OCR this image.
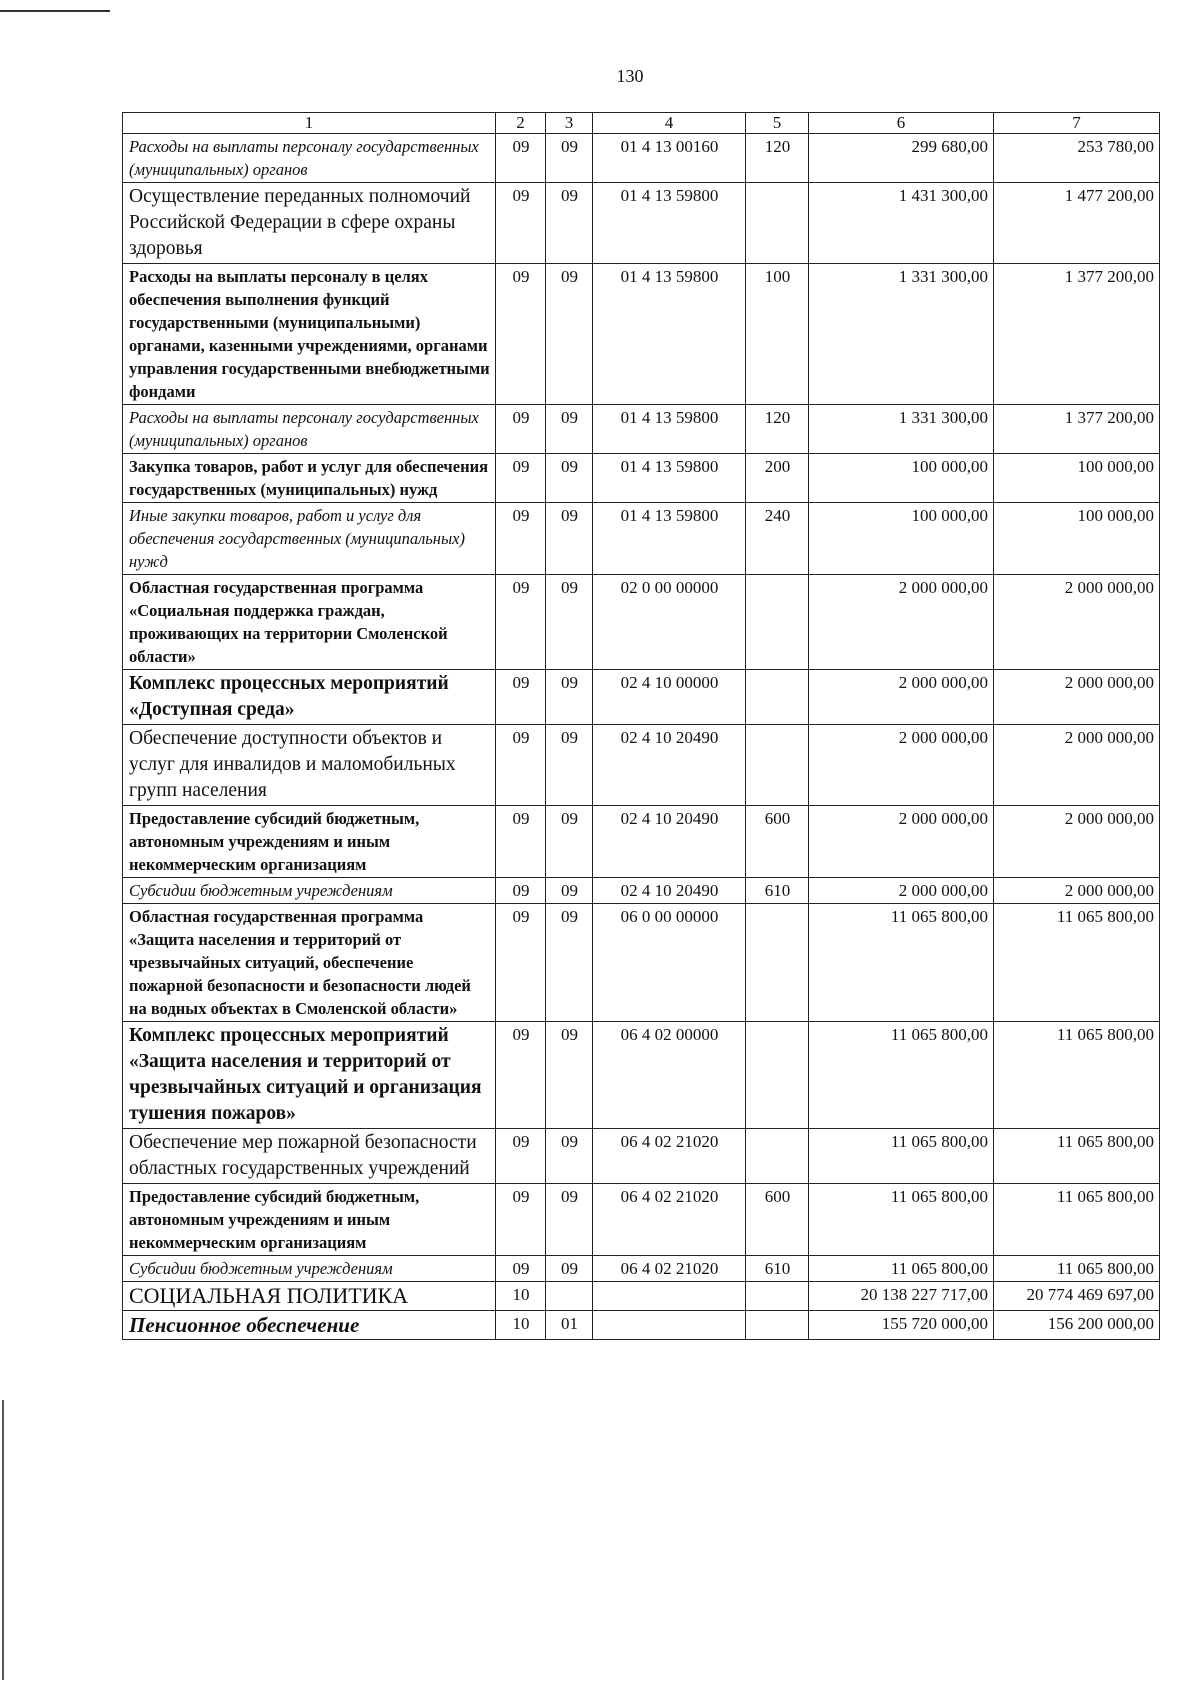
130
1	2	3	4	5	6	7
Расходы на выплаты персоналу государственных (муниципальных) органов	09	09	01 4 13 00160	120	299 680,00	253 780,00
Осуществление переданных полномочий Российской Федерации в сфере охраны здоровья	09	09	01 4 13 59800		1 431 300,00	1 477 200,00
Расходы на выплаты персоналу в целях обеспечения выполнения функций государственными (муниципальными) органами, казенными учреждениями, органами управления государственными внебюджетными фондами	09	09	01 4 13 59800	100	1 331 300,00	1 377 200,00
Расходы на выплаты персоналу государственных (муниципальных) органов	09	09	01 4 13 59800	120	1 331 300,00	1 377 200,00
Закупка товаров, работ и услуг для обеспечения государственных (муниципальных) нужд	09	09	01 4 13 59800	200	100 000,00	100 000,00
Иные закупки товаров, работ и услуг для обеспечения государственных (муниципальных) нужд	09	09	01 4 13 59800	240	100 000,00	100 000,00
Областная государственная программа «Социальная поддержка граждан, проживающих на территории Смоленской области»	09	09	02 0 00 00000		2 000 000,00	2 000 000,00
Комплекс процессных мероприятий «Доступная среда»	09	09	02 4 10 00000		2 000 000,00	2 000 000,00
Обеспечение доступности объектов и услуг для инвалидов и маломобильных групп населения	09	09	02 4 10 20490		2 000 000,00	2 000 000,00
Предоставление субсидий бюджетным, автономным учреждениям и иным некоммерческим организациям	09	09	02 4 10 20490	600	2 000 000,00	2 000 000,00
Субсидии бюджетным учреждениям	09	09	02 4 10 20490	610	2 000 000,00	2 000 000,00
Областная государственная программа «Защита населения и территорий от чрезвычайных ситуаций, обеспечение пожарной безопасности и безопасности людей на водных объектах в Смоленской области»	09	09	06 0 00 00000		11 065 800,00	11 065 800,00
Комплекс процессных мероприятий «Защита населения и территорий от чрезвычайных ситуаций и организация тушения пожаров»	09	09	06 4 02 00000		11 065 800,00	11 065 800,00
Обеспечение мер пожарной безопасности областных государственных учреждений	09	09	06 4 02 21020		11 065 800,00	11 065 800,00
Предоставление субсидий бюджетным, автономным учреждениям и иным некоммерческим организациям	09	09	06 4 02 21020	600	11 065 800,00	11 065 800,00
Субсидии бюджетным учреждениям	09	09	06 4 02 21020	610	11 065 800,00	11 065 800,00
СОЦИАЛЬНАЯ ПОЛИТИКА	10				20 138 227 717,00	20 774 469 697,00
Пенсионное обеспечение	10	01			155 720 000,00	156 200 000,00
